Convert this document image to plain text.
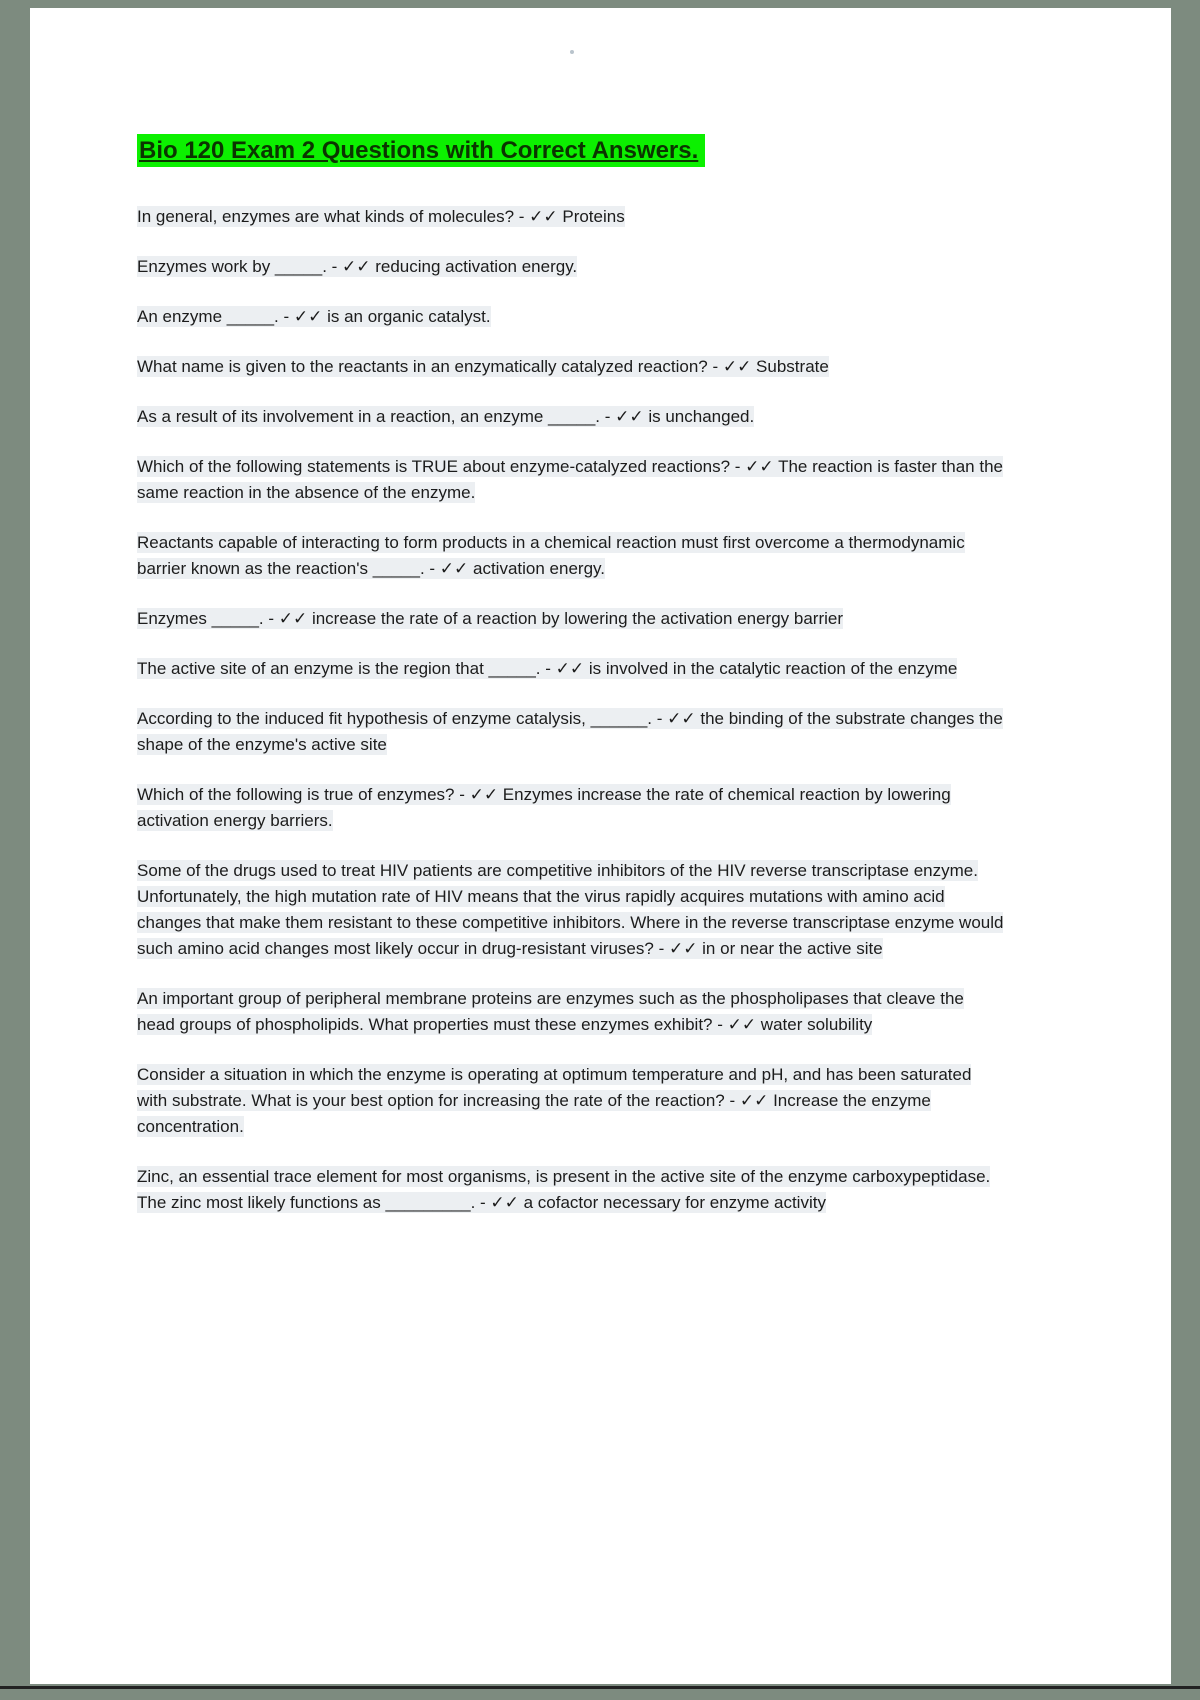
Bio 120 Exam 2 Questions with Correct Answers.

In general, enzymes are what kinds of molecules? - ✓✓ Proteins

Enzymes work by _____. - ✓✓ reducing activation energy.

An enzyme _____. - ✓✓ is an organic catalyst.

What name is given to the reactants in an enzymatically catalyzed reaction? - ✓✓ Substrate

As a result of its involvement in a reaction, an enzyme _____. - ✓✓ is unchanged.

Which of the following statements is TRUE about enzyme-catalyzed reactions? - ✓✓ The reaction is faster than the same reaction in the absence of the enzyme.

Reactants capable of interacting to form products in a chemical reaction must first overcome a thermodynamic barrier known as the reaction's _____. - ✓✓ activation energy.

Enzymes _____. - ✓✓ increase the rate of a reaction by lowering the activation energy barrier

The active site of an enzyme is the region that _____. - ✓✓ is involved in the catalytic reaction of the enzyme

According to the induced fit hypothesis of enzyme catalysis, ______. - ✓✓ the binding of the substrate changes the shape of the enzyme's active site

Which of the following is true of enzymes? - ✓✓ Enzymes increase the rate of chemical reaction by lowering activation energy barriers.

Some of the drugs used to treat HIV patients are competitive inhibitors of the HIV reverse transcriptase enzyme. Unfortunately, the high mutation rate of HIV means that the virus rapidly acquires mutations with amino acid changes that make them resistant to these competitive inhibitors. Where in the reverse transcriptase enzyme would such amino acid changes most likely occur in drug-resistant viruses? - ✓✓ in or near the active site

An important group of peripheral membrane proteins are enzymes such as the phospholipases that cleave the head groups of phospholipids. What properties must these enzymes exhibit? - ✓✓ water solubility

Consider a situation in which the enzyme is operating at optimum temperature and pH, and has been saturated with substrate. What is your best option for increasing the rate of the reaction? - ✓✓ Increase the enzyme concentration.

Zinc, an essential trace element for most organisms, is present in the active site of the enzyme carboxypeptidase. The zinc most likely functions as _________. - ✓✓ a cofactor necessary for enzyme activity
